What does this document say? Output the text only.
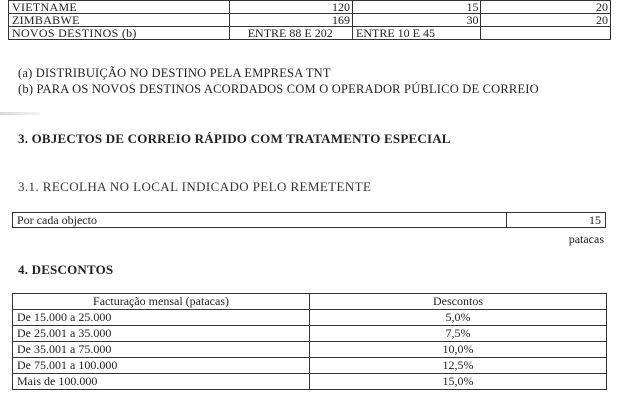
VIETNAME	120	15	20
ZIMBABWE	169	30	20
NOVOS DESTINOS (b)	ENTRE 88 E 202	ENTRE 10 E 45	
(a) DISTRIBUIÇÃO NO DESTINO PELA EMPRESA TNT
(b) PARA OS NOVOS DESTINOS ACORDADOS COM O OPERADOR PÚBLICO DE CORREIO
3. OBJECTOS DE CORREIO RÁPIDO COM TRATAMENTO ESPECIAL
3.1. RECOLHA NO LOCAL INDICADO PELO REMETENTE
Por cada objecto	15
patacas
4. DESCONTOS
Facturação mensal (patacas)	Descontos
De 15.000 a 25.000	5,0%
De 25.001 a 35.000	7,5%
De 35.001 a 75.000	10,0%
De 75.001 a 100.000	12,5%
Mais de 100.000	15,0%
